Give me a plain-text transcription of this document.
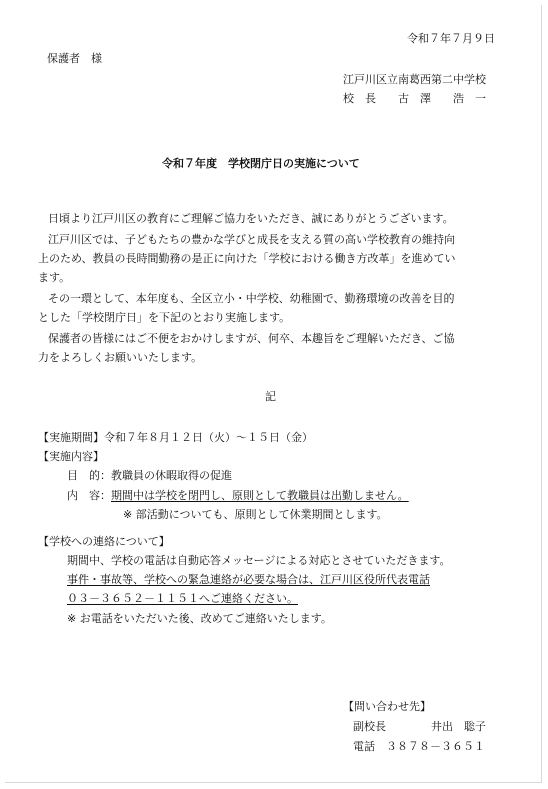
令和７年７月９日
保護者　様
江戸川区立南葛西第二中学校
校　長　　古　澤　　浩　一
令和７年度　学校閉庁日の実施について
日頃より江戸川区の教育にご理解ご協力をいただき、誠にありがとうございます。
江戸川区では、子どもたちの豊かな学びと成長を支える質の高い学校教育の維持向
上のため、教員の長時間勤務の是正に向けた「学校における働き方改革」を進めてい
ます。
その一環として、本年度も、全区立小・中学校、幼稚園で、勤務環境の改善を目的
とした「学校閉庁日」を下記のとおり実施します。
保護者の皆様にはご不便をおかけしますが、何卒、本趣旨をご理解いただき、ご協
力をよろしくお願いいたします。
記
【実施期間】令和７年８月１２日（火）～１５日（金）
【実施内容】
目　的：教職員の休暇取得の促進
内　容：期間中は学校を閉門し、原則として教職員は出勤しません。
※ 部活動についても、原則として休業期間とします。
【学校への連絡について】
期間中、学校の電話は自動応答メッセージによる対応とさせていただきます。
事件・事故等、学校への緊急連絡が必要な場合は、江戸川区役所代表電話
０３－３６５２－１１５１へご連絡ください。
※ お電話をいただいた後、改めてご連絡いたします。
【問い合わせ先】
副校長	井出　聡子
電話　３８７８－３６５１
